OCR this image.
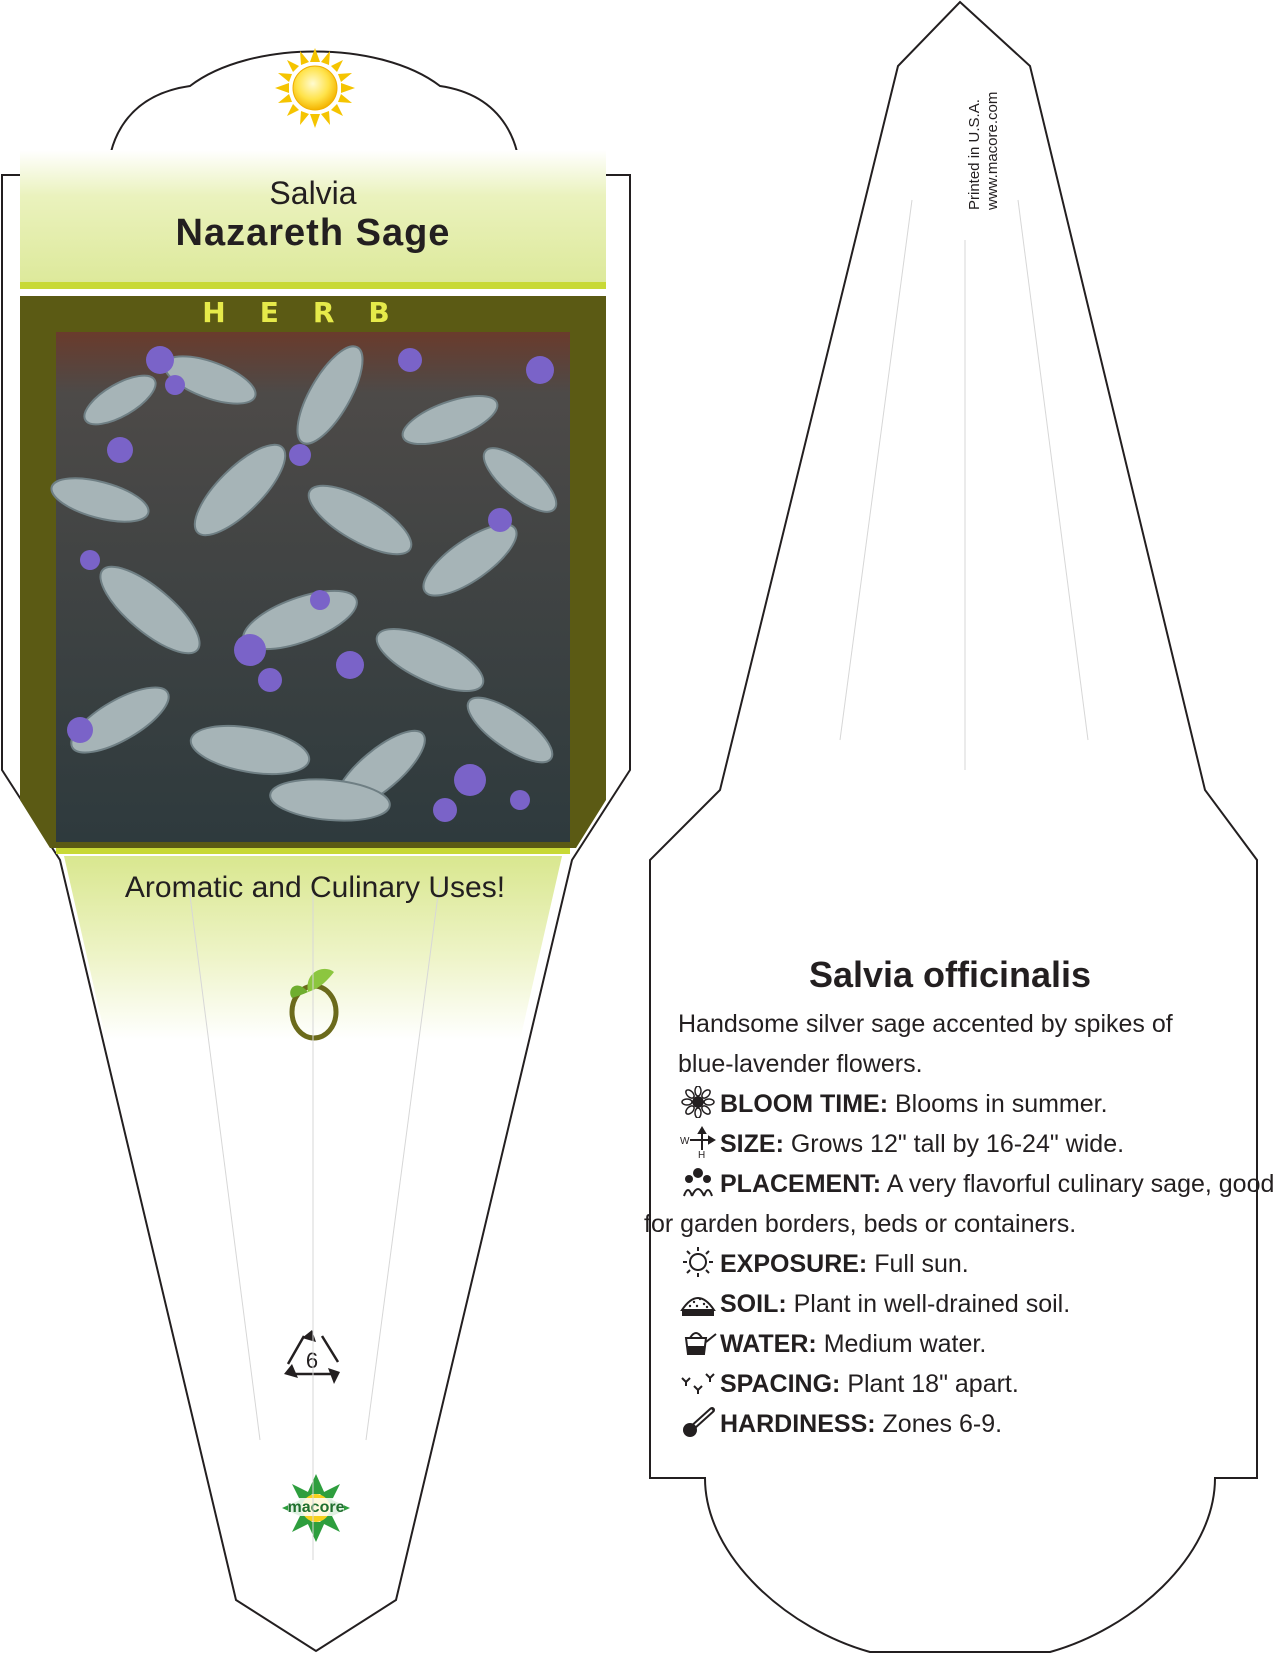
6
macore
Printed in U.S.A. www.macore.com
Salvia
Nazareth Sage
HERB
Aromatic and Culinary Uses!
Salvia officinalis
Handsome silver sage accented by spikes of
blue-lavender flowers.
BLOOM TIME: Blooms in summer.
W
H SIZE: Grows 12" tall by 16-24" wide.
PLACEMENT: A very flavorful culinary sage, good
for garden borders, beds or containers.
EXPOSURE: Full sun.
SOIL: Plant in well-drained soil.
WATER: Medium water.
SPACING: Plant 18" apart.
HARDINESS: Zones 6-9.
